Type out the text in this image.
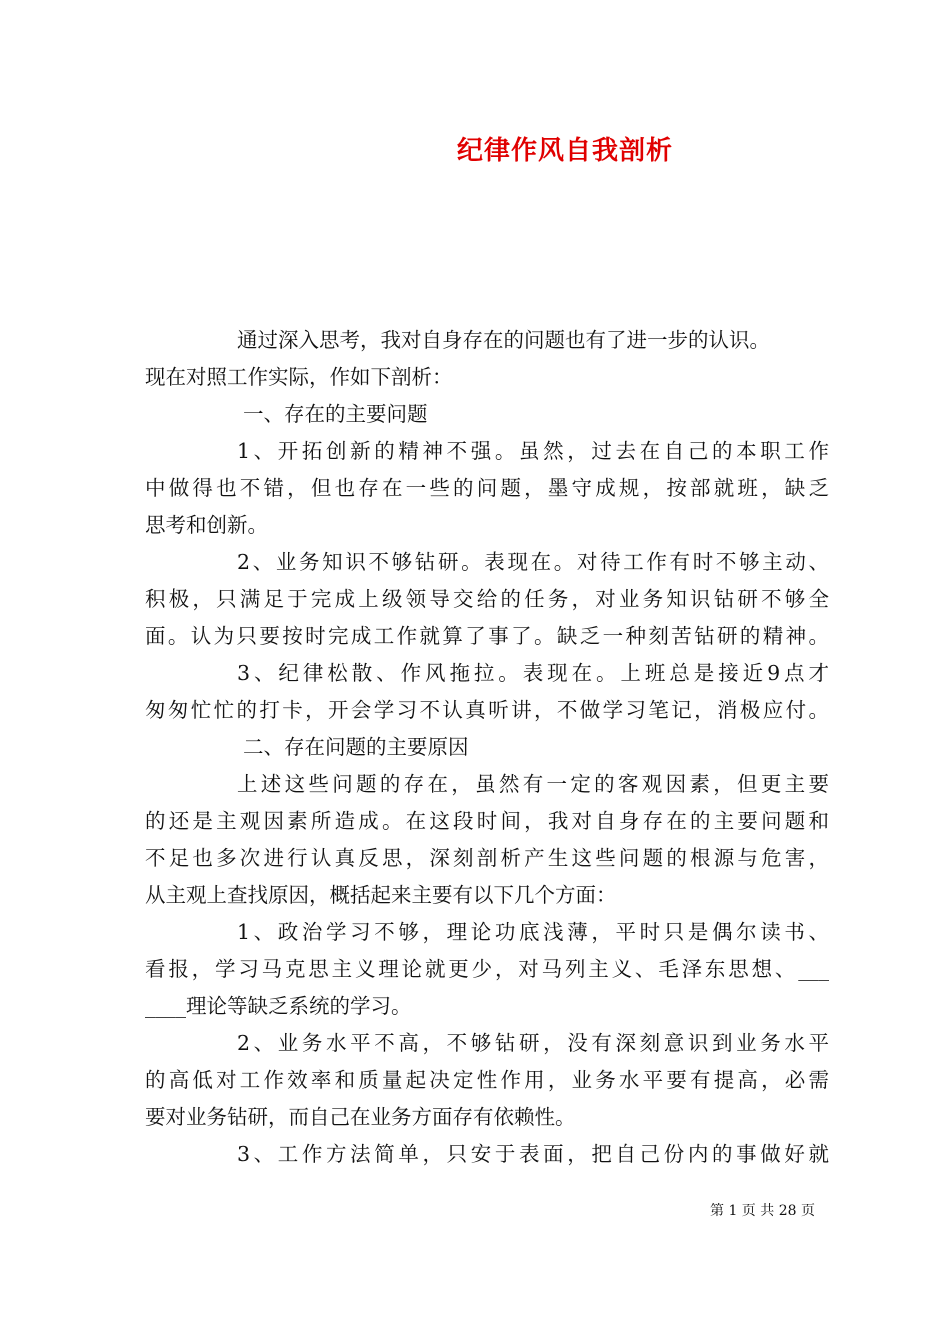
纪律作风自我剖析
通过深入思考，我对自身存在的问题也有了进一步的认识。
现在对照工作实际，作如下剖析：
一、存在的主要问题
1、开拓创新的精神不强。虽然，过去在自己的本职工作
中做得也不错，但也存在一些的问题，墨守成规，按部就班，缺乏
思考和创新。
2、业务知识不够钻研。表现在。对待工作有时不够主动、
积极，只满足于完成上级领导交给的任务，对业务知识钻研不够全
面。认为只要按时完成工作就算了事了。缺乏一种刻苦钻研的精神。
3、纪律松散、作风拖拉。表现在。上班总是接近9点才
匆匆忙忙的打卡，开会学习不认真听讲，不做学习笔记，消极应付。
二、存在问题的主要原因
上述这些问题的存在，虽然有一定的客观因素，但更主要
的还是主观因素所造成。在这段时间，我对自身存在的主要问题和
不足也多次进行认真反思，深刻剖析产生这些问题的根源与危害，
从主观上查找原因，概括起来主要有以下几个方面：
1、政治学习不够，理论功底浅薄，平时只是偶尔读书、
看报，学习马克思主义理论就更少，对马列主义、毛泽东思想、___
____理论等缺乏系统的学习。
2、业务水平不高，不够钻研，没有深刻意识到业务水平
的高低对工作效率和质量起决定性作用，业务水平要有提高，必需
要对业务钻研，而自己在业务方面存有依赖性。
3、工作方法简单，只安于表面，把自己份内的事做好就
第 1 页 共 28 页
